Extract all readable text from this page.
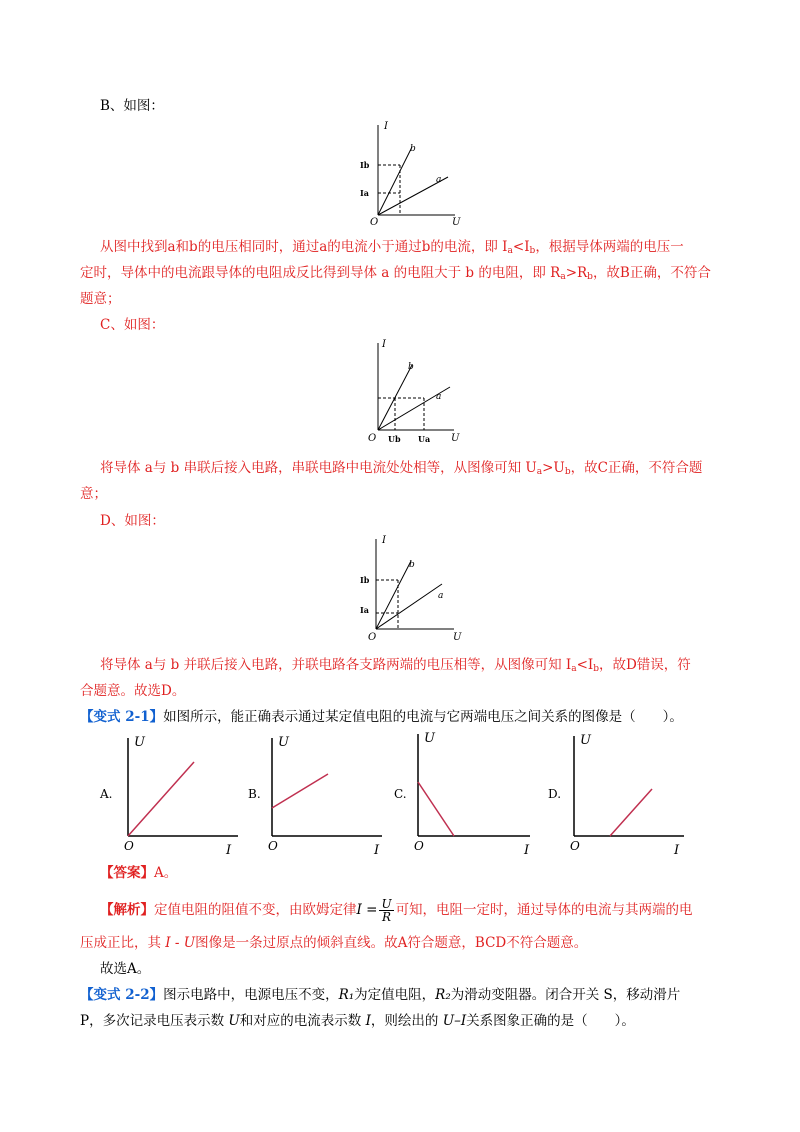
B、如图：
I
U
O
Ib
Ia
b
a
从图中找到a和b的电压相同时，通过a的电流小于通过b的电流，即 $I_a<I_b$，根据导体两端的电压一
定时，导体中的电流跟导体的电阻成反比得到导体 a 的电阻大于 b 的电阻，即 $R_a>R_b$，故B正确，不符合
题意；
C、如图：
I
U
O Ub Ua
b
a
将导体 a与 b 串联后接入电路，串联电路中电流处处相等，从图像可知 $U_a>U_b$，故C正确，不符合题
意；
D、如图：
I
U
O
Ib
Ia
b
a
将导体 a与 b 并联后接入电路，并联电路各支路两端的电压相等，从图像可知 $I_a<I_b$，故D错误，符
合题意。故选D。
【变式 2-1】如图所示，能正确表示通过某定值电阻的电流与它两端电压之间关系的图像是（　　）。
U
I
O
A.
U
I
O
B.
U
I
O
C.
U
I
O
D.
【答案】A。
【解析】定值电阻的阻值不变，由欧姆定律$I = \frac{U}{R}$ 可知，电阻一定时，通过导体的电流与其两端的电
压成正比，其 I - U图像是一条过原点的倾斜直线。故A符合题意，BCD不符合题意。
故选A。
【变式 2-2】图示电路中，电源电压不变，R₁为定值电阻，R₂为滑动变阻器。闭合开关 S，移动滑片
P，多次记录电压表示数 U和对应的电流表示数 I，则绘出的 U–I关系图象正确的是（　　）。
